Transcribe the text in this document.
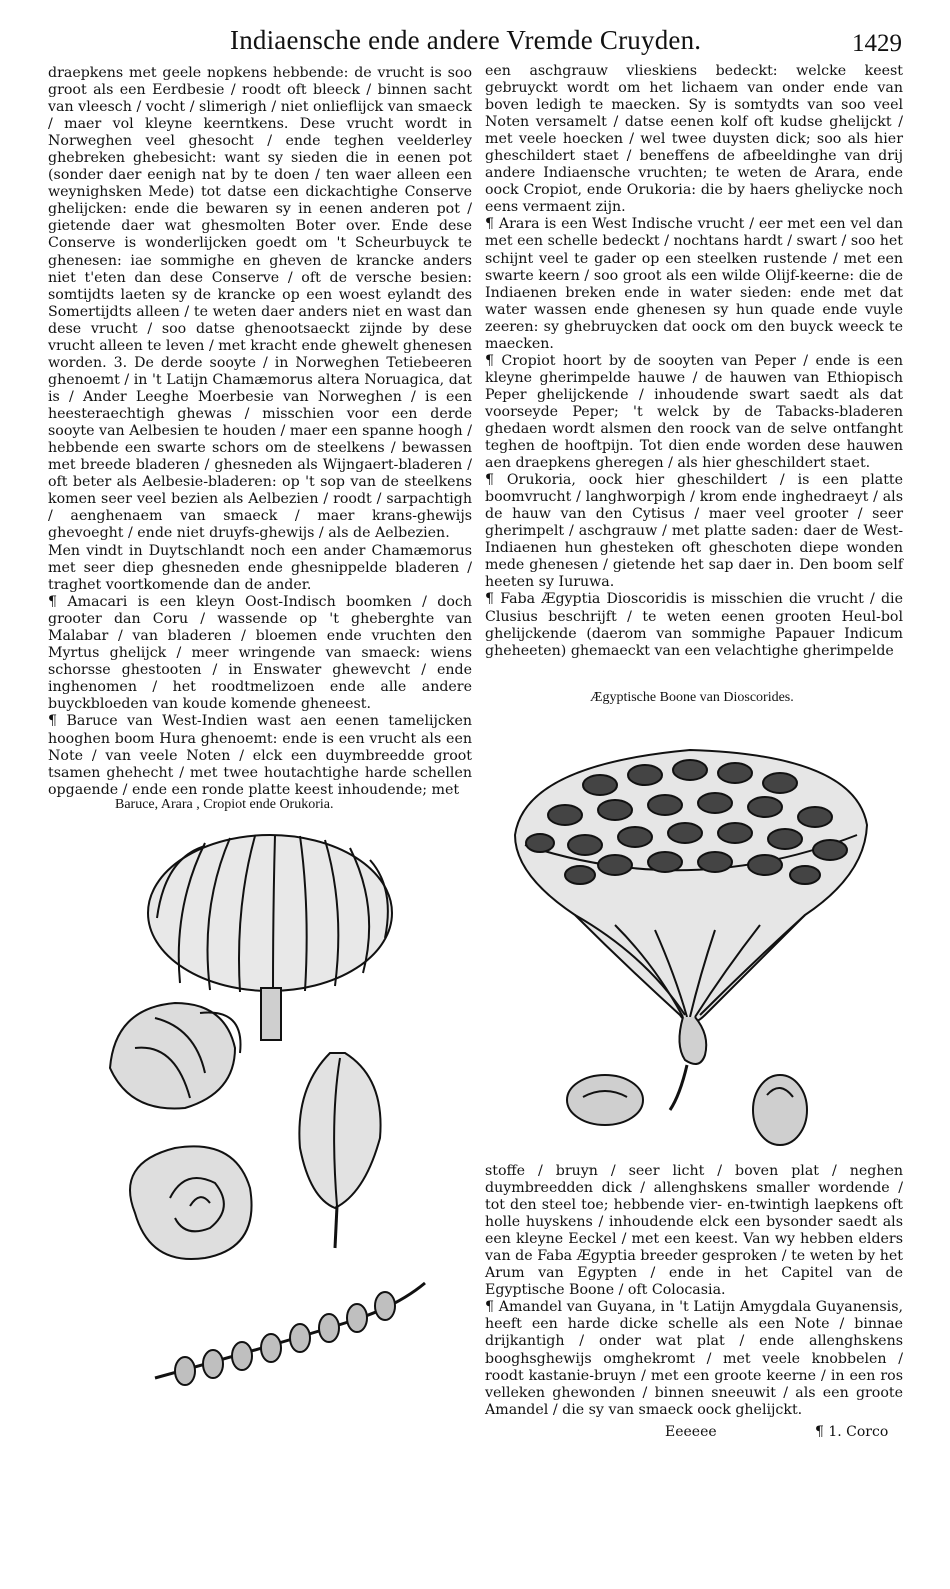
Indiaensche ende andere Vremde Cruyden.	1429

draepkens met geele nopkens hebbende: de vrucht is soo groot als een Eerdbesie / roodt oft bleeck / binnen sacht van vleesch / vocht / slimerigh / niet onlieflijck van smaeck / maer vol kleyne keerntkens. Dese vrucht wordt in Norweghen veel ghesocht / ende teghen veelderley ghebreken ghebesicht: want sy sieden die in eenen pot (sonder daer eenigh nat by te doen / ten waer alleen een weynighsken Mede) tot datse een dickachtighe Conserve ghelijcken: ende die bewaren sy in eenen anderen pot / gietende daer wat ghesmolten Boter over. Ende dese Conserve is wonderlijcken goedt om 't Scheurbuyck te ghenesen: iae sommighe en gheven de krancke anders niet t'eten dan dese Conserve / oft de versche besien: somtijdts laeten sy de krancke op een woest eylandt des Somertijdts alleen / te weten daer anders niet en wast dan dese vrucht / soo datse ghenootsaeckt zijnde by dese vrucht alleen te leven / met kracht ende ghewelt ghenesen worden. 3. De derde sooyte / in Norweghen Tetiebeeren ghenoemt / in 't Latijn Chamæmorus altera Noruagica, dat is / Ander Leeghe Moerbesie van Norweghen / is een heesteraechtigh ghewas / misschien voor een derde sooyte van Aelbesien te houden / maer een spanne hoogh / hebbende een swarte schors om de steelkens / bewassen met breede bladeren / ghesneden als Wijngaert-bladeren / oft beter als Aelbesie-bladeren: op 't sop van de steelkens komen seer veel bezien als Aelbezien / roodt / sarpachtigh / aenghenaem van smaeck / maer krans-ghewijs ghevoeght / ende niet druyfs-ghewijs / als de Aelbezien.

Men vindt in Duytschlandt noch een ander Chamæmorus met seer diep ghesneden ende ghesnippelde bladeren / traghet voortkomende dan de ander.

¶ Amacari is een kleyn Oost-Indisch boomken / doch grooter dan Coru / wassende op 't gheberghte van Malabar / van bladeren / bloemen ende vruchten den Myrtus ghelijck / meer wringende van smaeck: wiens schorsse ghestooten / in Enswater ghewevcht / ende inghenomen / het roodtmelizoen ende alle andere buyckbloeden van koude komende gheneest.

¶ Baruce van West-Indien wast aen eenen tamelijcken hooghen boom Hura ghenoemt: ende is een vrucht als een Note / van veele Noten / elck een duymbreedde groot tsamen ghehecht / met twee houtachtighe harde schellen opgaende / ende een ronde platte keest inhoudende; met

Baruce, Arara , Cropiot ende Orukoria.

een aschgrauw vlieskiens bedeckt: welcke keest gebruyckt wordt om het lichaem van onder ende van boven ledigh te maecken. Sy is somtydts van soo veel Noten versamelt / datse eenen kolf oft kudse ghelijckt / met veele hoecken / wel twee duysten dick; soo als hier gheschildert staet / beneffens de afbeeldinghe van drij andere Indiaensche vruchten; te weten de Arara, ende oock Cropiot, ende Orukoria: die by haers gheliycke noch eens vermaent zijn.

¶ Arara is een West Indische vrucht / eer met een vel dan met een schelle bedeckt / nochtans hardt / swart / soo het schijnt veel te gader op een steelken rustende / met een swarte keern / soo groot als een wilde Olijf-keerne: die de Indiaenen breken ende in water sieden: ende met dat water wassen ende ghenesen sy hun quade ende vuyle zeeren: sy ghebruycken dat oock om den buyck weeck te maecken.

¶ Cropiot hoort by de sooyten van Peper / ende is een kleyne gherimpelde hauwe / de hauwen van Ethiopisch Peper ghelijckende / inhoudende swart saedt als dat voorseyde Peper; 't welck by de Tabacks-bladeren ghedaen wordt alsmen den roock van de selve ontfanght teghen de hooftpijn. Tot dien ende worden dese hauwen aen draepkens gheregen / als hier gheschildert staet.

¶ Orukoria, oock hier gheschildert / is een platte boomvrucht / langhworpigh / krom ende inghedraeyt / als de hauw van den Cytisus / maer veel grooter / seer gherimpelt / aschgrauw / met platte saden: daer de West-Indiaenen hun ghesteken oft gheschoten diepe wonden mede ghenesen / gietende het sap daer in. Den boom self heeten sy Iuruwa.

¶ Faba Ægyptia Dioscoridis is misschien die vrucht / die Clusius beschrijft / te weten eenen grooten Heul-bol ghelijckende (daerom van sommighe Papauer Indicum gheheeten) ghemaeckt van een velachtighe gherimpelde

Ægyptische Boone van Dioscorides.

stoffe / bruyn / seer licht / boven plat / neghen duymbreedden dick / allenghskens smaller wordende / tot den steel toe; hebbende vier- en-twintigh laepkens oft holle huyskens / inhoudende elck een bysonder saedt als een kleyne Eeckel / met een keest. Van wy hebben elders van de Faba Ægyptia breeder gesproken / te weten by het Arum van Egypten / ende in het Capitel van de Egyptische Boone / oft Colocasia.

¶ Amandel van Guyana, in 't Latijn Amygdala Guyanensis, heeft een harde dicke schelle als een Note / binnae drijkantigh / onder wat plat / ende allenghskens booghsghewijs omghekromt / met veele knobbelen / roodt kastanie-bruyn / met een groote keerne / in een ros velleken ghewonden / binnen sneeuwit / als een groote Amandel / die sy van smaeck oock ghelijckt.

Eeeeee	¶ 1. Corco
